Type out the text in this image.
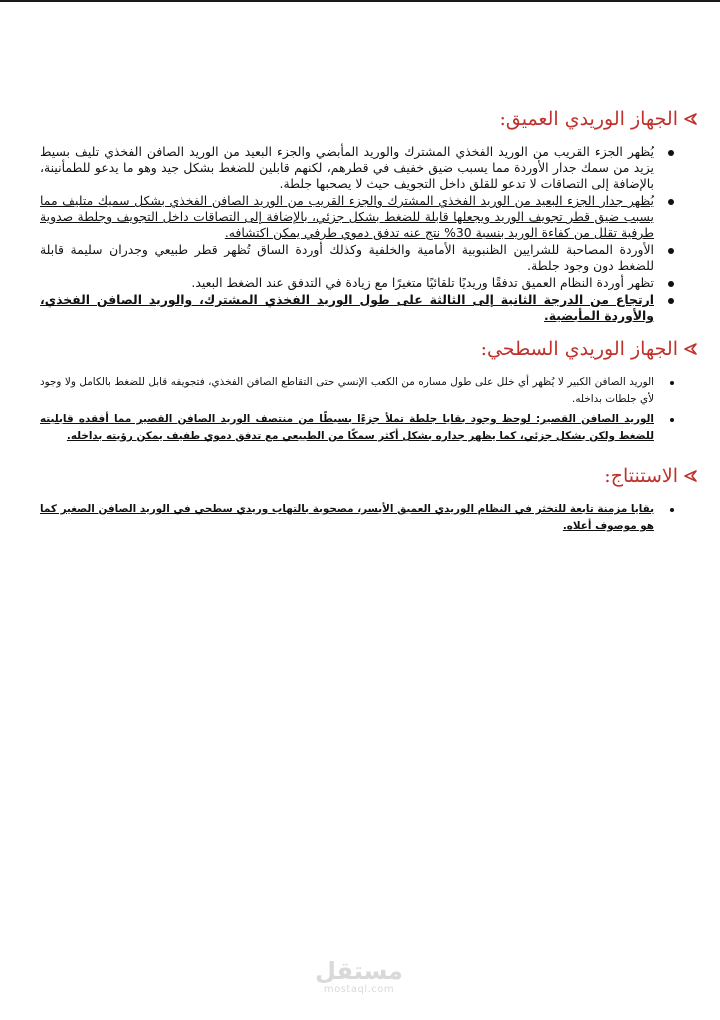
الجهاز الوريدي العميق:
يُظهر الجزء القريب من الوريد الفخذي المشترك والوريد المأبضي والجزء البعيد من الوريد الصافن الفخذي تليف بسيط يزيد من سمك جدار الأوردة مما يسبب ضيق خفيف في قطرهم، لكنهم قابلين للضغط بشكل جيد وهو ما يدعو للطمأنينة، بالإضافة إلى التصاقات لا تدعو للقلق داخل التجويف حيث لا يصحبها جلطة.
يُظهر جدار الجزء البعيد من الوريد الفخذي المشترك والجزء القريب من الوريد الصافن الفخذي بشكل سميك متليف مما يسبب ضيق قطر تجويف الوريد ويجعلها قابلة للضغط بشكل جزئي، بالإضافة إلى التصاقات داخل التجويف وجلطة صدوية طرفية تقلل من كفاءة الوريد بنسبة 30% نتج عنه تدفق دموي طرفي يمكن اكتشافه.
الأوردة المصاحبة للشرايين الظنبوبية الأمامية والخلفية وكذلك أوردة الساق تُظهر قطر طبيعي وجدران سليمة قابلة للضغط دون وجود جلطة.
تظهر أوردة النظام العميق تدفقًا وريديًا تلقائيًا متغيرًا مع زيادة في التدفق عند الضغط البعيد.
ارتجاع من الدرجة الثانية إلى الثالثة على طول الوريد الفخذي المشترك، والوريد الصافن الفخذي، والأوردة المأبضية.
الجهاز الوريدي السطحي:
الوريد الصافن الكبير لا يُظهر أي خلل على طول مساره من الكعب الإنسي حتى التقاطع الصافن الفخذي، فتجويفه قابل للضغط بالكامل ولا وجود لأي جلطات بداخله.
الوريد الصافن القصير: لوحظ وجود بقايا جلطة تملأ جزءًا بسيطًا من منتصف الوريد الصافن القصير مما أفقده قابليته للضغط ولكن بشكل جزئي، كما يظهر جداره بشكل أكثر سمكًا من الطبيعي مع تدفق دموي طفيف يمكن رؤيته بداخله.
الاستنتاج:
بقايا مزمنة تابعة للتخثر في النظام الوريدي العميق الأيسر، مصحوبة بالتهاب وريدي سطحي في الوريد الصافن الصغير كما هو موصوف أعلاه.
مستقل
mostaql.com
